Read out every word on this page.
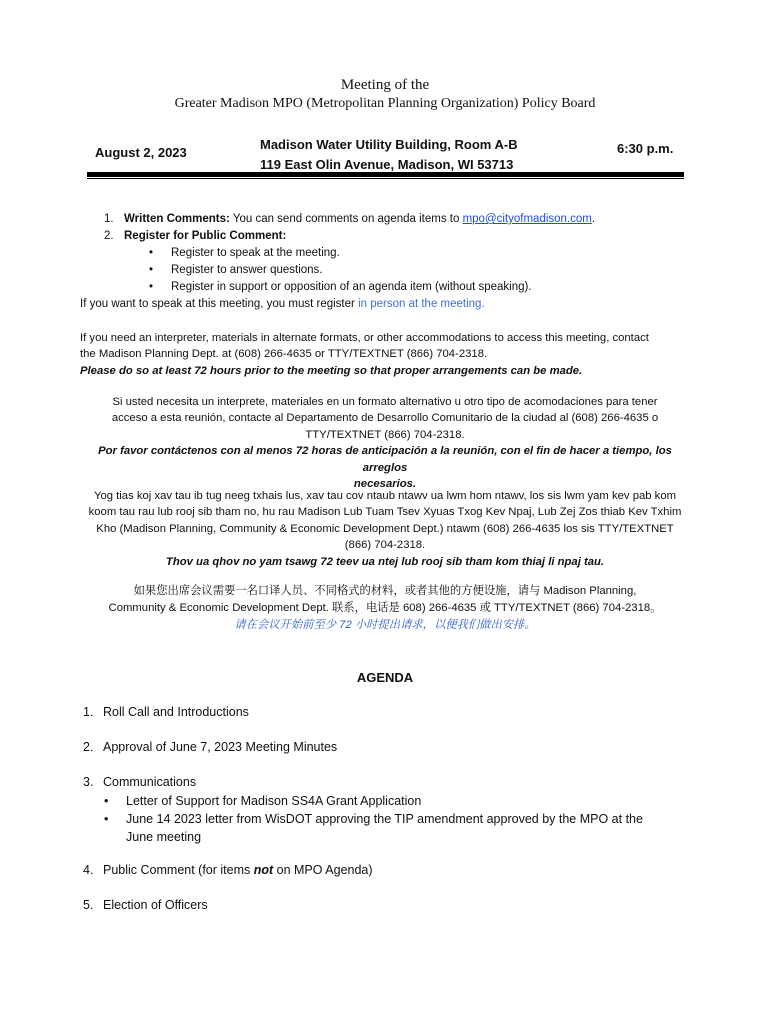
Meeting of the
Greater Madison MPO (Metropolitan Planning Organization) Policy Board
August 2, 2023
Madison Water Utility Building, Room A-B
119 East Olin Avenue, Madison, WI 53713
6:30 p.m.
1. Written Comments: You can send comments on agenda items to mpo@cityofmadison.com.
2. Register for Public Comment:
• Register to speak at the meeting.
• Register to answer questions.
• Register in support or opposition of an agenda item (without speaking).
If you want to speak at this meeting, you must register in person at the meeting.
If you need an interpreter, materials in alternate formats, or other accommodations to access this meeting, contact
the Madison Planning Dept. at (608) 266-4635 or TTY/TEXTNET (866) 704-2318.
Please do so at least 72 hours prior to the meeting so that proper arrangements can be made.
Si usted necesita un interprete, materiales en un formato alternativo u otro tipo de acomodaciones para tener
acceso a esta reunión, contacte al Departamento de Desarrollo Comunitario de la ciudad al (608) 266-4635 o
TTY/TEXTNET (866) 704-2318.
Por favor contáctenos con al menos 72 horas de anticipación a la reunión, con el fin de hacer a tiempo, los arreglos
necesarios.
Yog tias koj xav tau ib tug neeg txhais lus, xav tau cov ntaub ntawv ua lwm hom ntawv, los sis lwm yam kev pab kom
koom tau rau lub rooj sib tham no, hu rau Madison Lub Tuam Tsev Xyuas Txog Kev Npaj, Lub Zej Zos thiab Kev Txhim
Kho (Madison Planning, Community & Economic Development Dept.) ntawm (608) 266-4635 los sis TTY/TEXTNET
(866) 704-2318.
Thov ua qhov no yam tsawg 72 teev ua ntej lub rooj sib tham kom thiaj li npaj tau.
如果您出席会议需要一名口译人员、不同格式的材料，或者其他的方便设施，请与 Madison Planning,
Community & Economic Development Dept. 联系，电话是 608) 266-4635 或 TTY/TEXTNET (866) 704-2318。
请在会议开始前至少 72 小时提出请求，以便我们做出安排。
AGENDA
1. Roll Call and Introductions
2. Approval of June 7, 2023 Meeting Minutes
3. Communications
• Letter of Support for Madison SS4A Grant Application
• June 14 2023 letter from WisDOT approving the TIP amendment approved by the MPO at the
June meeting
4. Public Comment (for items not on MPO Agenda)
5. Election of Officers
